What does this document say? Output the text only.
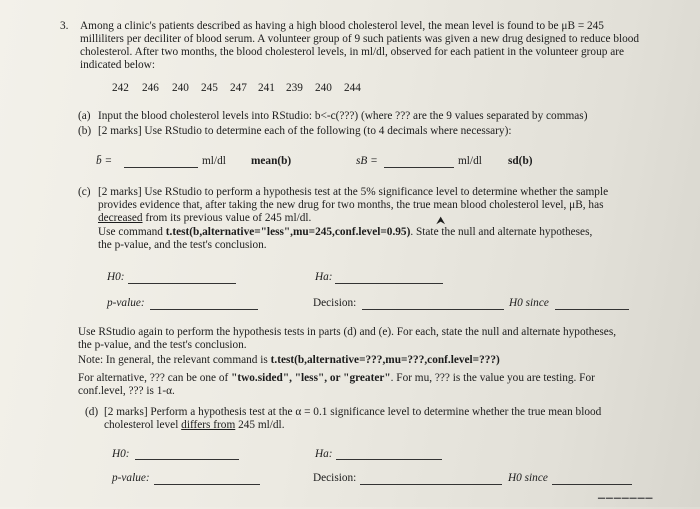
3. Among a clinic's patients described as having a high blood cholesterol level, the mean level is found to be μB = 245
milliliters per deciliter of blood serum. A volunteer group of 9 such patients was given a new drug designed to reduce blood
cholesterol. After two months, the blood cholesterol levels, in ml/dl, observed for each patient in the volunteer group are
indicated below:
242 246 240 245 247 241 239 240 244
(a) Input the blood cholesterol levels into RStudio: b<-c(???) (where ??? are the 9 values separated by commas)
(b) [2 marks] Use RStudio to determine each of the following (to 4 decimals where necessary):
b̄ =	ml/dl mean(b)	sB =	ml/dl sd(b)
(c) [2 marks] Use RStudio to perform a hypothesis test at the 5% significance level to determine whether the sample
provides evidence that, after taking the new drug for two months, the true mean blood cholesterol level, μB, has
decreased from its previous value of 245 ml/dl.
Use command t.test(b,alternative="less",mu=245,conf.level=0.95). State the null and alternate hypotheses,
the p-value, and the test's conclusion.
⮝
H0:	Ha:
p-value:	Decision:	H0 since
Use RStudio again to perform the hypothesis tests in parts (d) and (e). For each, state the null and alternate hypotheses,
the p-value, and the test's conclusion.
Note: In general, the relevant command is t.test(b,alternative=???,mu=???,conf.level=???)
For alternative, ??? can be one of "two.sided", "less", or "greater". For mu, ??? is the value you are testing. For
conf.level, ??? is 1-α.
(d) [2 marks] Perform a hypothesis test at the α = 0.1 significance level to determine whether the true mean blood
cholesterol level differs from 245 ml/dl.
H0:	Ha:
p-value:	Decision:	H0 since
▔▔▔▔▔▔▔
